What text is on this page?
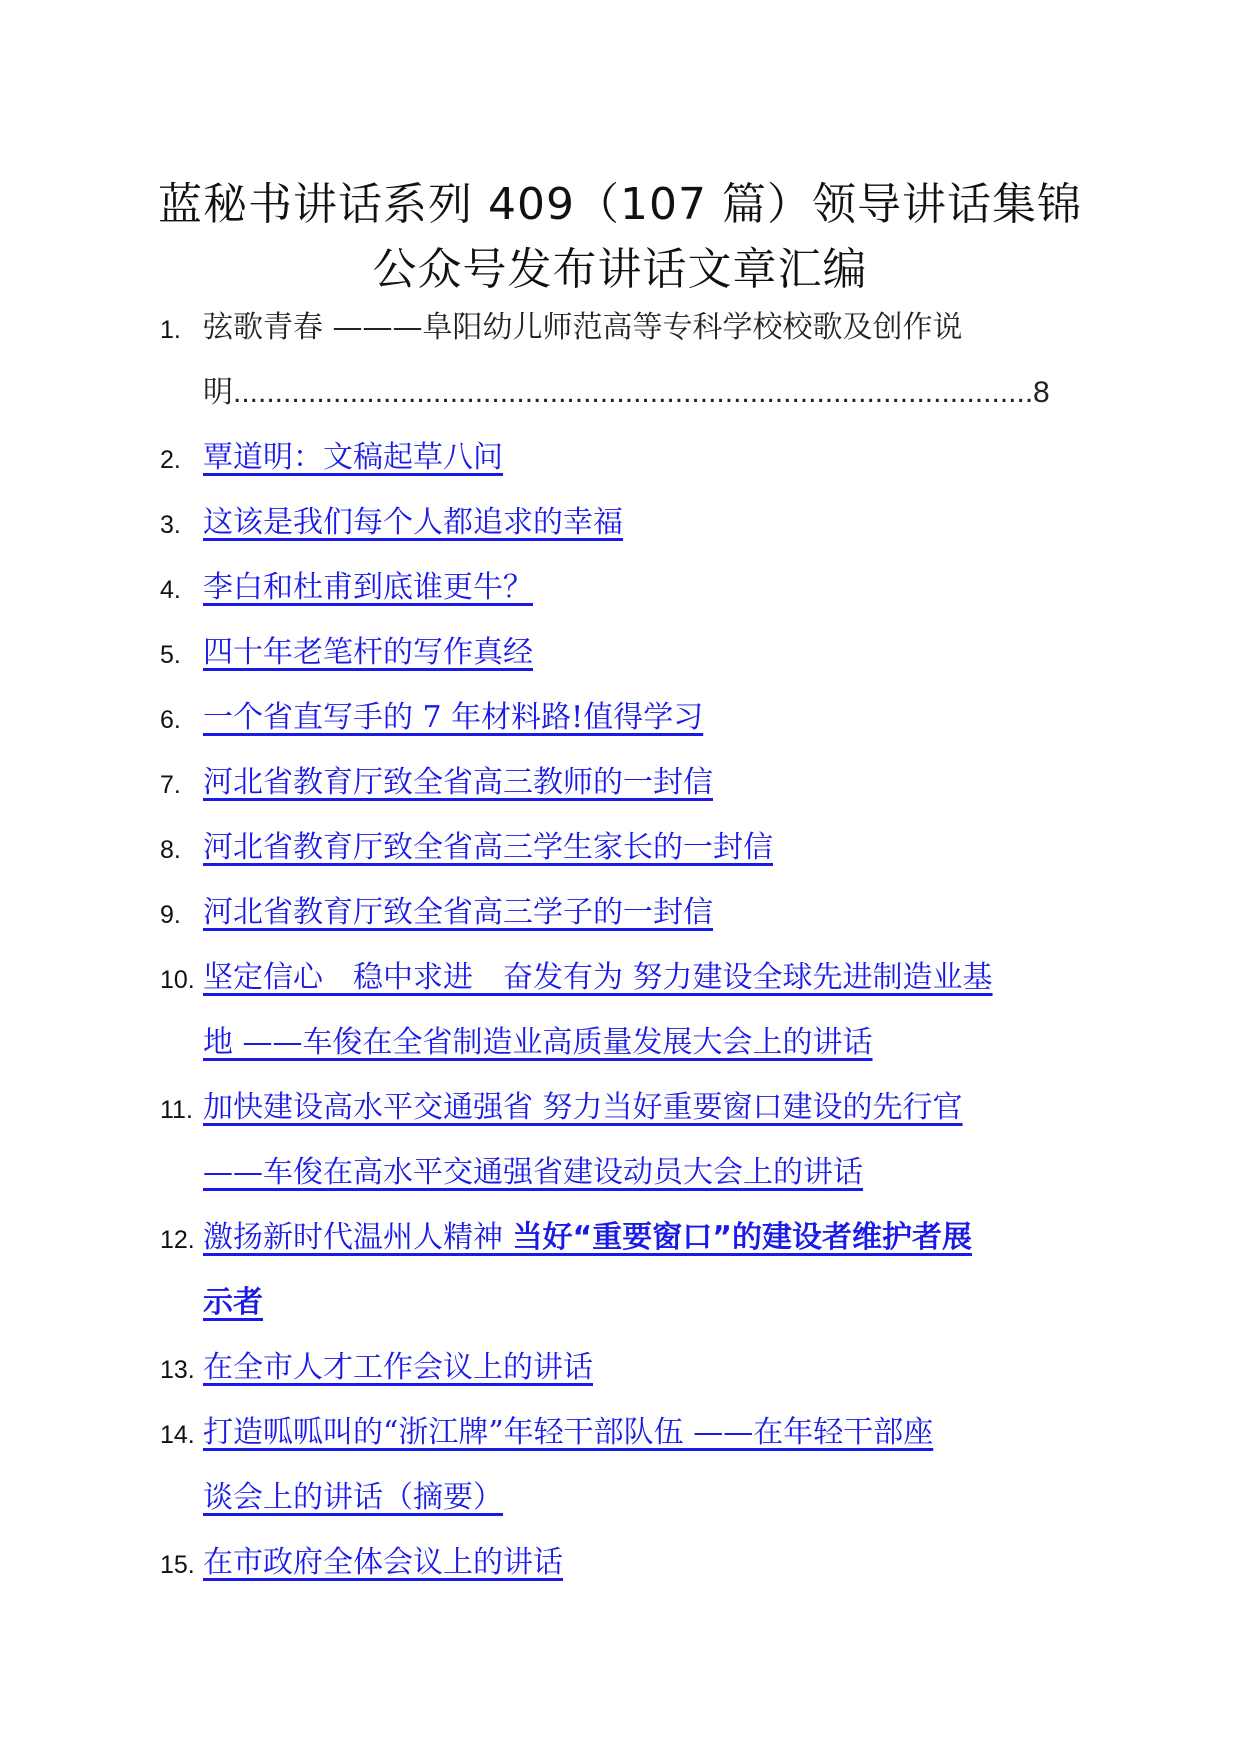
蓝秘书讲话系列 409（107 篇）领导讲话集锦
公众号发布讲话文章汇编
1. 弦歌青春 ———阜阳幼儿师范高等专科学校校歌及创作说
明.....	8
2. 覃道明：文稿起草八问
3. 这该是我们每个人都追求的幸福
4. 李白和杜甫到底谁更牛？
5. 四十年老笔杆的写作真经
6. 一个省直写手的 7 年材料路!值得学习
7. 河北省教育厅致全省高三教师的一封信
8. 河北省教育厅致全省高三学生家长的一封信
9. 河北省教育厅致全省高三学子的一封信
10. 坚定信心　稳中求进　奋发有为 努力建设全球先进制造业基
地 ——车俊在全省制造业高质量发展大会上的讲话
11. 加快建设高水平交通强省 努力当好重要窗口建设的先行官
——车俊在高水平交通强省建设动员大会上的讲话
12. 激扬新时代温州人精神 当好“重要窗口”的建设者维护者展
示者
13. 在全市人才工作会议上的讲话
14. 打造呱呱叫的“浙江牌”年轻干部队伍 ——在年轻干部座
谈会上的讲话（摘要）
15. 在市政府全体会议上的讲话
